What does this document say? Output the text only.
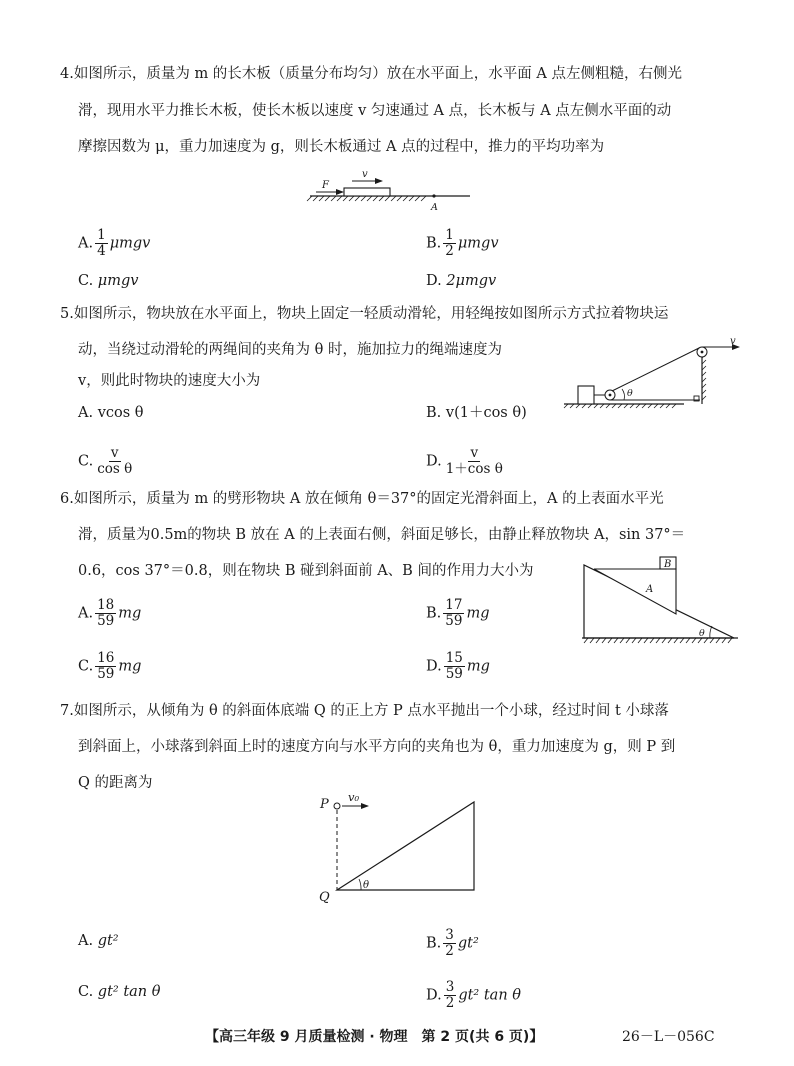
4.如图所示，质量为 m 的长木板（质量分布均匀）放在水平面上，水平面 A 点左侧粗糙，右侧光
滑，现用水平力推长木板，使长木板以速度 v 匀速通过 A 点，长木板与 A 点左侧水平面的动
摩擦因数为 μ，重力加速度为 g，则长木板通过 A 点的过程中，推力的平均功率为
F
v
A
A. $\frac{1}{4}$ μmgv	B. $\frac{1}{2}$ μmgv
C. μmgv	D. 2μmgv
5.如图所示，物块放在水平面上，物块上固定一轻质动滑轮，用轻绳按如图所示方式拉着物块运
动，当绕过动滑轮的两绳间的夹角为 θ 时，施加拉力的绳端速度为
v，则此时物块的速度大小为
v
θ
A. vcos θ	B. v(1＋cos θ)
C. $\frac{v}{\text{cos θ}}$	D. $\frac{v}{\text{1＋cos θ}}$
6.如图所示，质量为 m 的劈形物块 A 放在倾角 θ＝37°的固定光滑斜面上，A 的上表面水平光
滑，质量为0.5m的物块 B 放在 A 的上表面右侧，斜面足够长，由静止释放物块 A，sin 37°＝
0.6，cos 37°＝0.8，则在物块 B 碰到斜面前 A、B 间的作用力大小为	B
A
θ
A. $\frac{18}{59}$ mg	B. $\frac{17}{59}$ mg
C. $\frac{16}{59}$ mg	D. $\frac{15}{59}$ mg
7.如图所示，从倾角为 θ 的斜面体底端 Q 的正上方 P 点水平抛出一个小球，经过时间 t 小球落
到斜面上，小球落到斜面上时的速度方向与水平方向的夹角也为 θ，重力加速度为 g，则 P 到
Q 的距离为
P v₀
θ
Q
A. gt²	B. $\frac{3}{2} gt^2$
C. gt² tan θ	D. $\frac{3}{2} gt^2$ tan θ
【高三年级 9 月质量检测 · 物理　第 2 页(共 6 页)】	26－L－056C
